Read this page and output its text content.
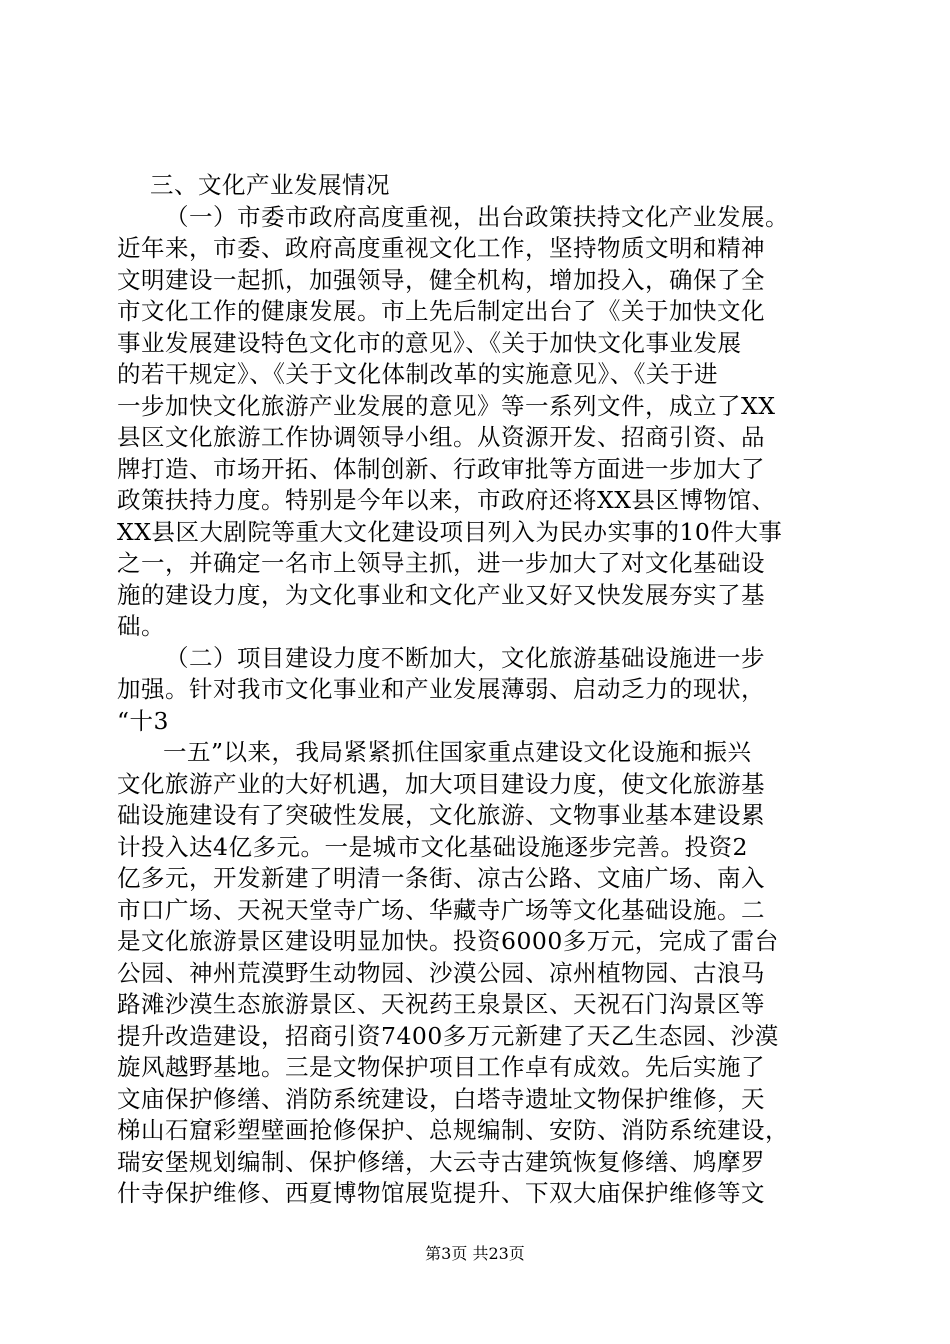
三、文化产业发展情况
（一）市委市政府高度重视，出台政策扶持文化产业发展。
近年来，市委、政府高度重视文化工作，坚持物质文明和精神
文明建设一起抓，加强领导，健全机构，增加投入，确保了全
市文化工作的健康发展。市上先后制定出台了《关于加快文化
事业发展建设特色文化市的意见》、《关于加快文化事业发展
的若干规定》、《关于文化体制改革的实施意见》、《关于进
一步加快文化旅游产业发展的意见》等一系列文件，成立了XX
县区文化旅游工作协调领导小组。从资源开发、招商引资、品
牌打造、市场开拓、体制创新、行政审批等方面进一步加大了
政策扶持力度。特别是今年以来，市政府还将XX县区博物馆、
XX县区大剧院等重大文化建设项目列入为民办实事的10件大事
之一，并确定一名市上领导主抓，进一步加大了对文化基础设
施的建设力度，为文化事业和文化产业又好又快发展夯实了基
础。
（二）项目建设力度不断加大，文化旅游基础设施进一步
加强。针对我市文化事业和产业发展薄弱、启动乏力的现状，
“十3
一五”以来，我局紧紧抓住国家重点建设文化设施和振兴
文化旅游产业的大好机遇，加大项目建设力度，使文化旅游基
础设施建设有了突破性发展，文化旅游、文物事业基本建设累
计投入达4亿多元。一是城市文化基础设施逐步完善。投资2
亿多元，开发新建了明清一条街、凉古公路、文庙广场、南入
市口广场、天祝天堂寺广场、华藏寺广场等文化基础设施。二
是文化旅游景区建设明显加快。投资6000多万元，完成了雷台
公园、神州荒漠野生动物园、沙漠公园、凉州植物园、古浪马
路滩沙漠生态旅游景区、天祝药王泉景区、天祝石门沟景区等
提升改造建设，招商引资7400多万元新建了天乙生态园、沙漠
旋风越野基地。三是文物保护项目工作卓有成效。先后实施了
文庙保护修缮、消防系统建设，白塔寺遗址文物保护维修，天
梯山石窟彩塑壁画抢修保护、总规编制、安防、消防系统建设，
瑞安堡规划编制、保护修缮，大云寺古建筑恢复修缮、鸠摩罗
什寺保护维修、西夏博物馆展览提升、下双大庙保护维修等文
第3页 共23页
